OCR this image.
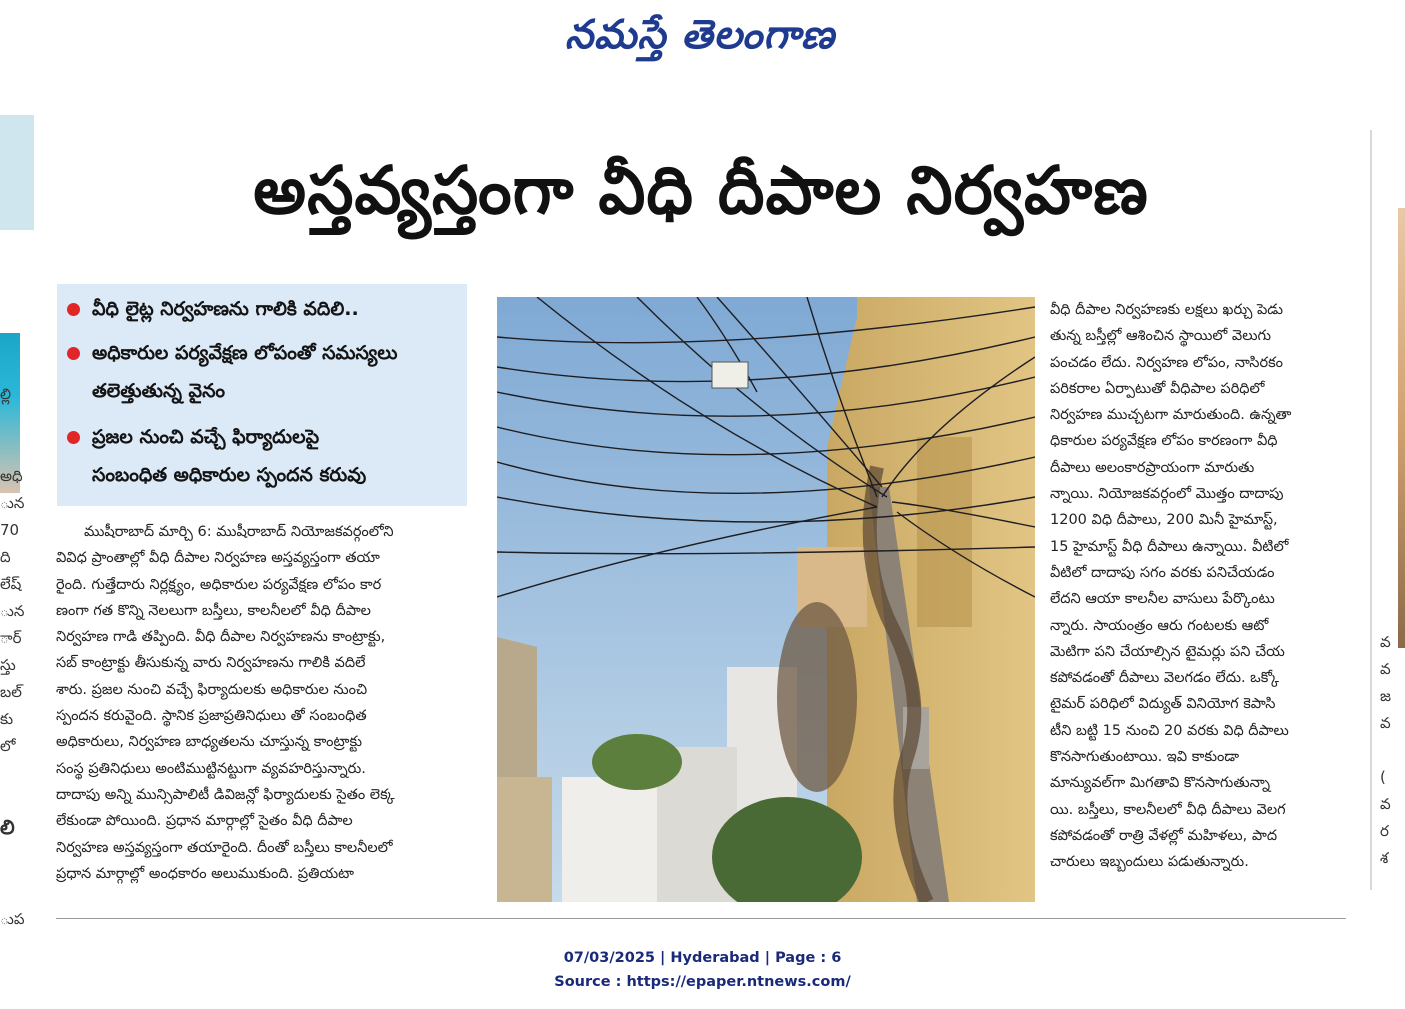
నమస్తే తెలంగాణ
ల్లి
అధి
ున
70
ది
లేష్
ున
ార్
స్తు
బల్
కు
లో
లి
ుప
వ
వ
జ
వ
(
వ
ర
శ
అస్తవ్యస్తంగా వీధి దీపాల నిర్వహణ
వీధి లైట్ల నిర్వహణను గాలికి వదిలి..
అధికారుల పర్యవేక్షణ లోపంతో సమస్యలు
తలెత్తుతున్న వైనం
ప్రజల నుంచి వచ్చే ఫిర్యాదులపై
సంబంధిత అధికారుల స్పందన కరువు
ముషీరాబాద్ మార్చి 6: ముషీరాబాద్ నియోజకవర్గంలోని
వివిధ ప్రాంతాల్లో వీధి దీపాల నిర్వహణ అస్తవ్యస్తంగా తయా
రైంది. గుత్తేదారు నిర్లక్ష్యం, అధికారుల పర్యవేక్షణ లోపం కార
ణంగా గత కొన్ని నెలలుగా బస్తీలు, కాలనీలలో వీధి దీపాల
నిర్వహణ గాడి తప్పింది. వీధి దీపాల నిర్వహణను కాంట్రాక్టు,
సబ్ కాంట్రాక్టు తీసుకున్న వారు నిర్వహణను గాలికి వదిలే
శారు. ప్రజల నుంచి వచ్చే ఫిర్యాదులకు అధికారుల నుంచి
స్పందన కరువైంది. స్థానిక ప్రజాప్రతినిధులు తో సంబంధిత
అధికారులు, నిర్వహణ బాధ్యతలను చూస్తున్న కాంట్రాక్టు
సంస్థ ప్రతినిధులు అంటిముట్టినట్టుగా వ్యవహరిస్తున్నారు.
దాదాపు అన్ని మున్సిపాలిటీ డివిజన్లో ఫిర్యాదులకు సైతం లెక్క
లేకుండా పోయింది. ప్రధాన మార్గాల్లో సైతం వీధి దీపాల
నిర్వహణ అస్తవ్యస్తంగా తయారైంది. దీంతో బస్తీలు కాలనీలలో
ప్రధాన మార్గాల్లో అంధకారం అలుముకుంది. ప్రతియటా
వీధి దీపాల నిర్వహణకు లక్షలు ఖర్చు పెడు
తున్న బస్తీల్లో ఆశించిన స్థాయిలో వెలుగు
పంచడం లేదు. నిర్వహణ లోపం, నాసిరకం
పరికరాల ఏర్పాటుతో వీధిపాల పరిధిలో
నిర్వహణ ముచ్చటగా మారుతుంది. ఉన్నతా
ధికారుల పర్యవేక్షణ లోపం కారణంగా వీధి
దీపాలు అలంకారప్రాయంగా మారుతు
న్నాయి. నియోజకవర్గంలో మొత్తం దాదాపు
1200 విధి దీపాలు, 200 మినీ హైమాస్ట్,
15 హైమాస్ట్ వీధి దీపాలు ఉన్నాయి. వీటిలో
వీటిలో దాదాపు సగం వరకు పనిచేయడం
లేదని ఆయా కాలనీల వాసులు పేర్కొంటు
న్నారు. సాయంత్రం ఆరు గంటలకు ఆటో
మెటిగా పని చేయాల్సిన టైమర్లు పని చేయ
కపోవడంతో దీపాలు వెలగడం లేదు. ఒక్కో
టైమర్ పరిధిలో విద్యుత్ వినియోగ కెపాసి
టీని బట్టి 15 నుంచి 20 వరకు విధి దీపాలు
కొనసాగుతుంటాయి. ఇవి కాకుండా
మాన్యువల్‌గా మిగతావి కొనసాగుతున్నా
యి. బస్తీలు, కాలనీలలో వీధి దీపాలు వెలగ
కపోవడంతో రాత్రి వేళల్లో మహిళలు, పాద
చారులు ఇబ్బందులు పడుతున్నారు.
07/03/2025 | Hyderabad | Page : 6
Source : https://epaper.ntnews.com/
